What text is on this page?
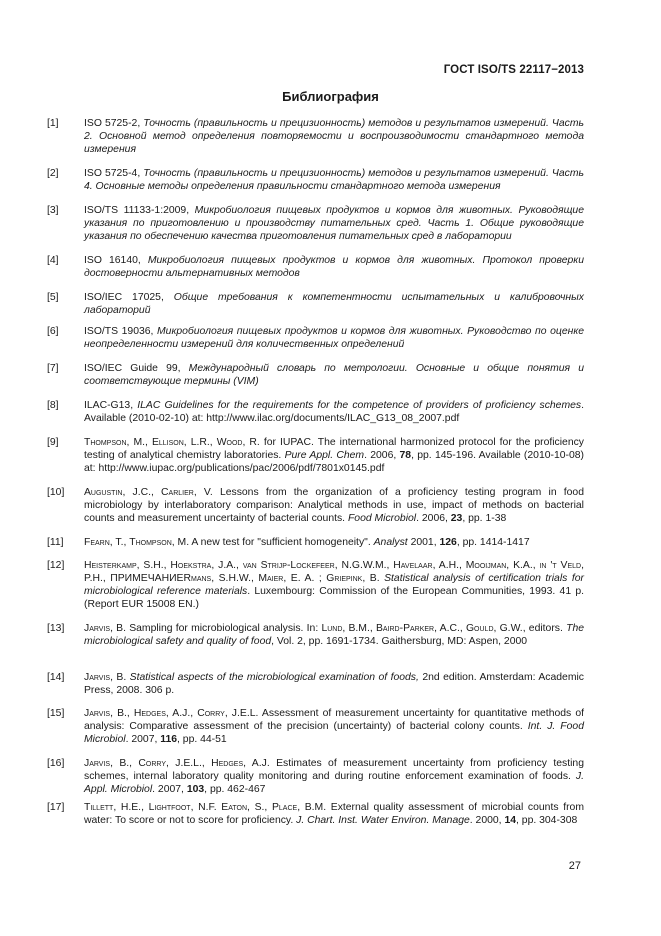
ГОСТ ISO/TS 22117−2013
Библиография
[1] ISO 5725-2, Точность (правильность и прецизионность) методов и результатов измерений. Часть 2. Основной метод определения повторяемости и воспроизводимости стандартного метода измерения
[2] ISO 5725-4, Точность (правильность и прецизионность) методов и результатов измерений. Часть 4. Основные методы определения правильности стандартного метода измерения
[3] ISO/TS 11133-1:2009, Микробиология пищевых продуктов и кормов для животных. Руководящие указания по приготовлению и производству питательных сред. Часть 1. Общие руководящие указания по обеспечению качества приготовления питательных сред в лаборатории
[4] ISO 16140, Микробиология пищевых продуктов и кормов для животных. Протокол проверки достоверности альтернативных методов
[5] ISO/IEC 17025, Общие требования к компетентности испытательных и калибровочных лабораторий
[6] ISO/TS 19036, Микробиология пищевых продуктов и кормов для животных. Руководство по оценке неопределенности измерений для количественных определений
[7] ISO/IEC Guide 99, Международный словарь по метрологии. Основные и общие понятия и соответствующие термины (VIM)
[8] ILAC-G13, ILAC Guidelines for the requirements for the competence of providers of proficiency schemes. Available (2010-02-10) at: http://www.ilac.org/documents/ILAC_G13_08_2007.pdf
[9] Thompson, M., Ellison, L.R., Wood, R. for IUPAC. The international harmonized protocol for the proficiency testing of analytical chemistry laboratories. Pure Appl. Chem. 2006, 78, pp. 145-196. Available (2010-10-08) at: http://www.iupac.org/publications/pac/2006/pdf/7801x0145.pdf
[10] Augustin, J.C., Carlier, V. Lessons from the organization of a proficiency testing program in food microbiology by interlaboratory comparison: Analytical methods in use, impact of methods on bacterial counts and measurement uncertainty of bacterial counts. Food Microbiol. 2006, 23, pp. 1-38
[11] Fearn, T., Thompson, M. A new test for "sufficient homogeneity". Analyst 2001, 126, pp. 1414-1417
[12] Heisterkamp, S.H., Hoekstra, J.A., van Strijp-Lockefeer, N.G.W.M., Havelaar, A.H., Mooijman, K.A., in 't Veld, P.H., ПРИМЕЧАНИЕRmans, S.H.W., Maier, E. A. ; Griepink, B. Statistical analysis of certification trials for microbiological reference materials. Luxembourg: Commission of the European Communities, 1993. 41 p. (Report EUR 15008 EN.)
[13] Jarvis, B. Sampling for microbiological analysis. In: Lund, B.M., Baird-Parker, A.C., Gould, G.W., editors. The microbiological safety and quality of food, Vol. 2, pp. 1691-1734. Gaithersburg, MD: Aspen, 2000
[14] Jarvis, B. Statistical aspects of the microbiological examination of foods, 2nd edition. Amsterdam: Academic Press, 2008. 306 p.
[15] Jarvis, B., Hedges, A.J., Corry, J.E.L. Assessment of measurement uncertainty for quantitative methods of analysis: Comparative assessment of the precision (uncertainty) of bacterial colony counts. Int. J. Food Microbiol. 2007, 116, pp. 44-51
[16] Jarvis, B., Corry, J.E.L., Hedges, A.J. Estimates of measurement uncertainty from proficiency testing schemes, internal laboratory quality monitoring and during routine enforcement examination of foods. J. Appl. Microbiol. 2007, 103, pp. 462-467
[17] Tillett, H.E., Lightfoot, N.F. Eaton, S., Place, B.M. External quality assessment of microbial counts from water: To score or not to score for proficiency. J. Chart. Inst. Water Environ. Manage. 2000, 14, pp. 304-308
27
